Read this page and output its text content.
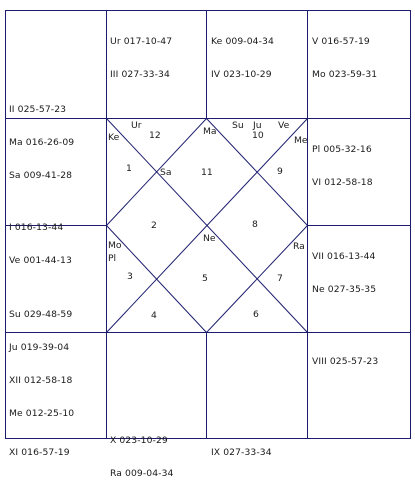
Ur 017-10-47

III 027-33-34

Ke 009-04-34

IV 023-10-29

V 016-57-19

Mo 023-59-31

II 025-57-23

Ma 016-26-09

Sa 009-41-28

Pl 005-32-16

VI 012-58-18

I 016-13-44

Ve 001-44-13

	VII 016-13-44

Ne 027-35-35

Su 029-48-59

Ju 019-39-04

XII 012-58-18

Me 012-25-10

VIII 025-57-23

XI 016-57-19

X 023-10-29

Ra 009-04-34

IX 027-33-34

Ke
Ur
Ma
Su Ju Ve
Me
Sa
Ne
Ra
Mo
Pl
1
2
3
4
5
6
7
8
9
10
11
12
